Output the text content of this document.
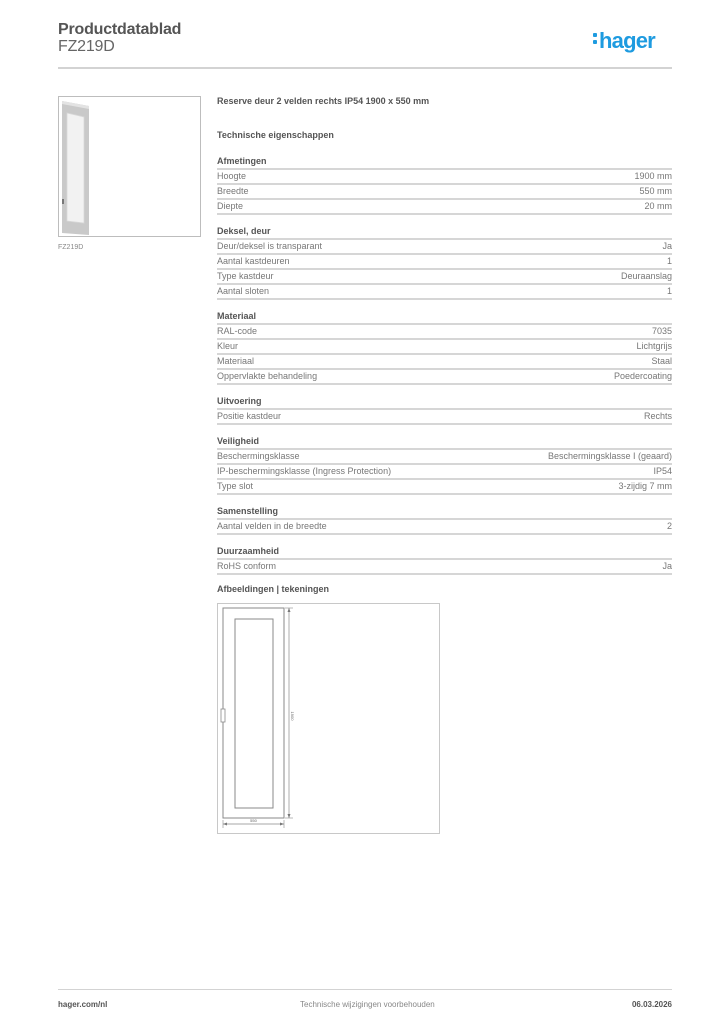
Productdatablad
FZ219D	hager
FZ219D
Reserve deur 2 velden rechts IP54 1900 x 550 mm
Technische eigenschappen
Afmetingen
Hoogte	1900 mm
Breedte	550 mm
Diepte	20 mm
Deksel, deur
Deur/deksel is transparant	Ja
Aantal kastdeuren	1
Type kastdeur	Deuraanslag
Aantal sloten	1
Materiaal
RAL-code	7035
Kleur	Lichtgrijs
Materiaal	Staal
Oppervlakte behandeling	Poedercoating
Uitvoering
Positie kastdeur	Rechts
Veiligheid
Beschermingsklasse	Beschermingsklasse I (geaard)
IP-beschermingsklasse (Ingress Protection)	IP54
Type slot	3-zijdig 7 mm
Samenstelling
Aantal velden in de breedte	2
Duurzaamheid
RoHS conform	Ja
Afbeeldingen | tekeningen
1900
550
hager.com/nl	Technische wijzigingen voorbehouden	06.03.2026
